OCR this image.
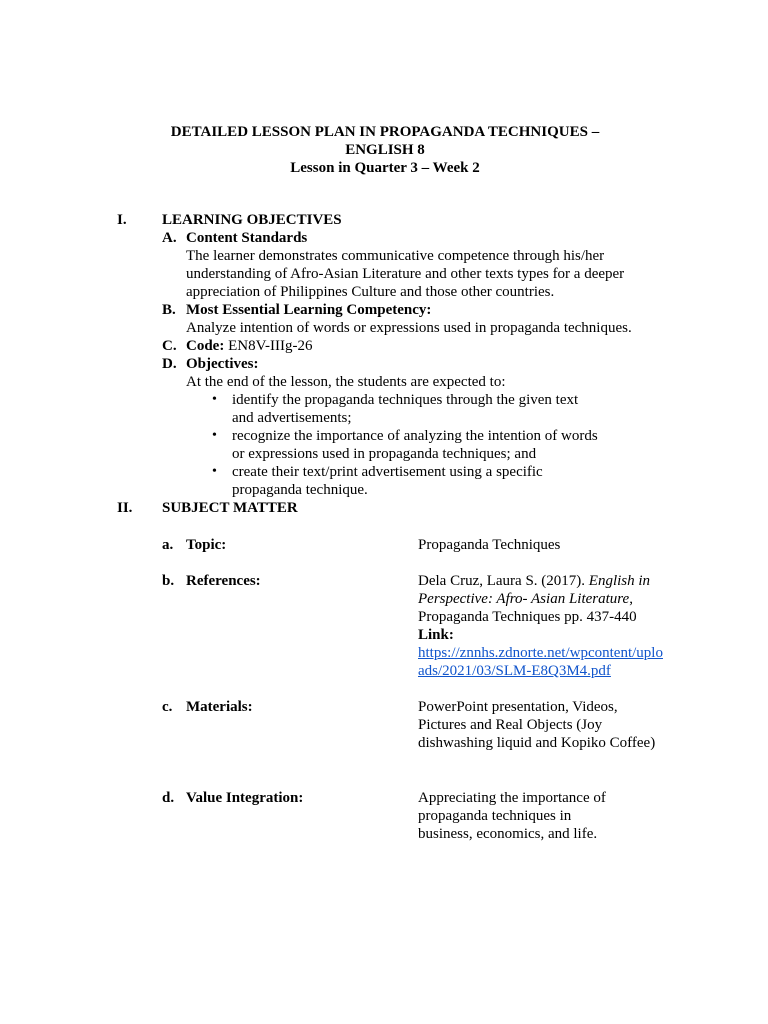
DETAILED LESSON PLAN IN PROPAGANDA TECHNIQUES –
ENGLISH 8
Lesson in Quarter 3 – Week 2
I. LEARNING OBJECTIVES
A. Content Standards
The learner demonstrates communicative competence through his/her
understanding of Afro-Asian Literature and other texts types for a deeper
appreciation of Philippines Culture and those other countries.
B. Most Essential Learning Competency:
Analyze intention of words or expressions used in propaganda techniques.
C. Code: EN8V-IIIg-26
D. Objectives:
At the end of the lesson, the students are expected to:
• identify the propaganda techniques through the given text
and advertisements;
• recognize the importance of analyzing the intention of words
or expressions used in propaganda techniques; and
• create their text/print advertisement using a specific
propaganda technique.
II. SUBJECT MATTER
a. Topic:	Propaganda Techniques
b. References:	Dela Cruz, Laura S. (2017). English in
Perspective: Afro- Asian Literature,
Propaganda Techniques pp. 437-440
Link:
https://znnhs.zdnorte.net/wpcontent/uplo
ads/2021/03/SLM-E8Q3M4.pdf
c. Materials:	PowerPoint presentation, Videos,
Pictures and Real Objects (Joy
dishwashing liquid and Kopiko Coffee)
d. Value Integration:	Appreciating the importance of
propaganda techniques in
business, economics, and life.
